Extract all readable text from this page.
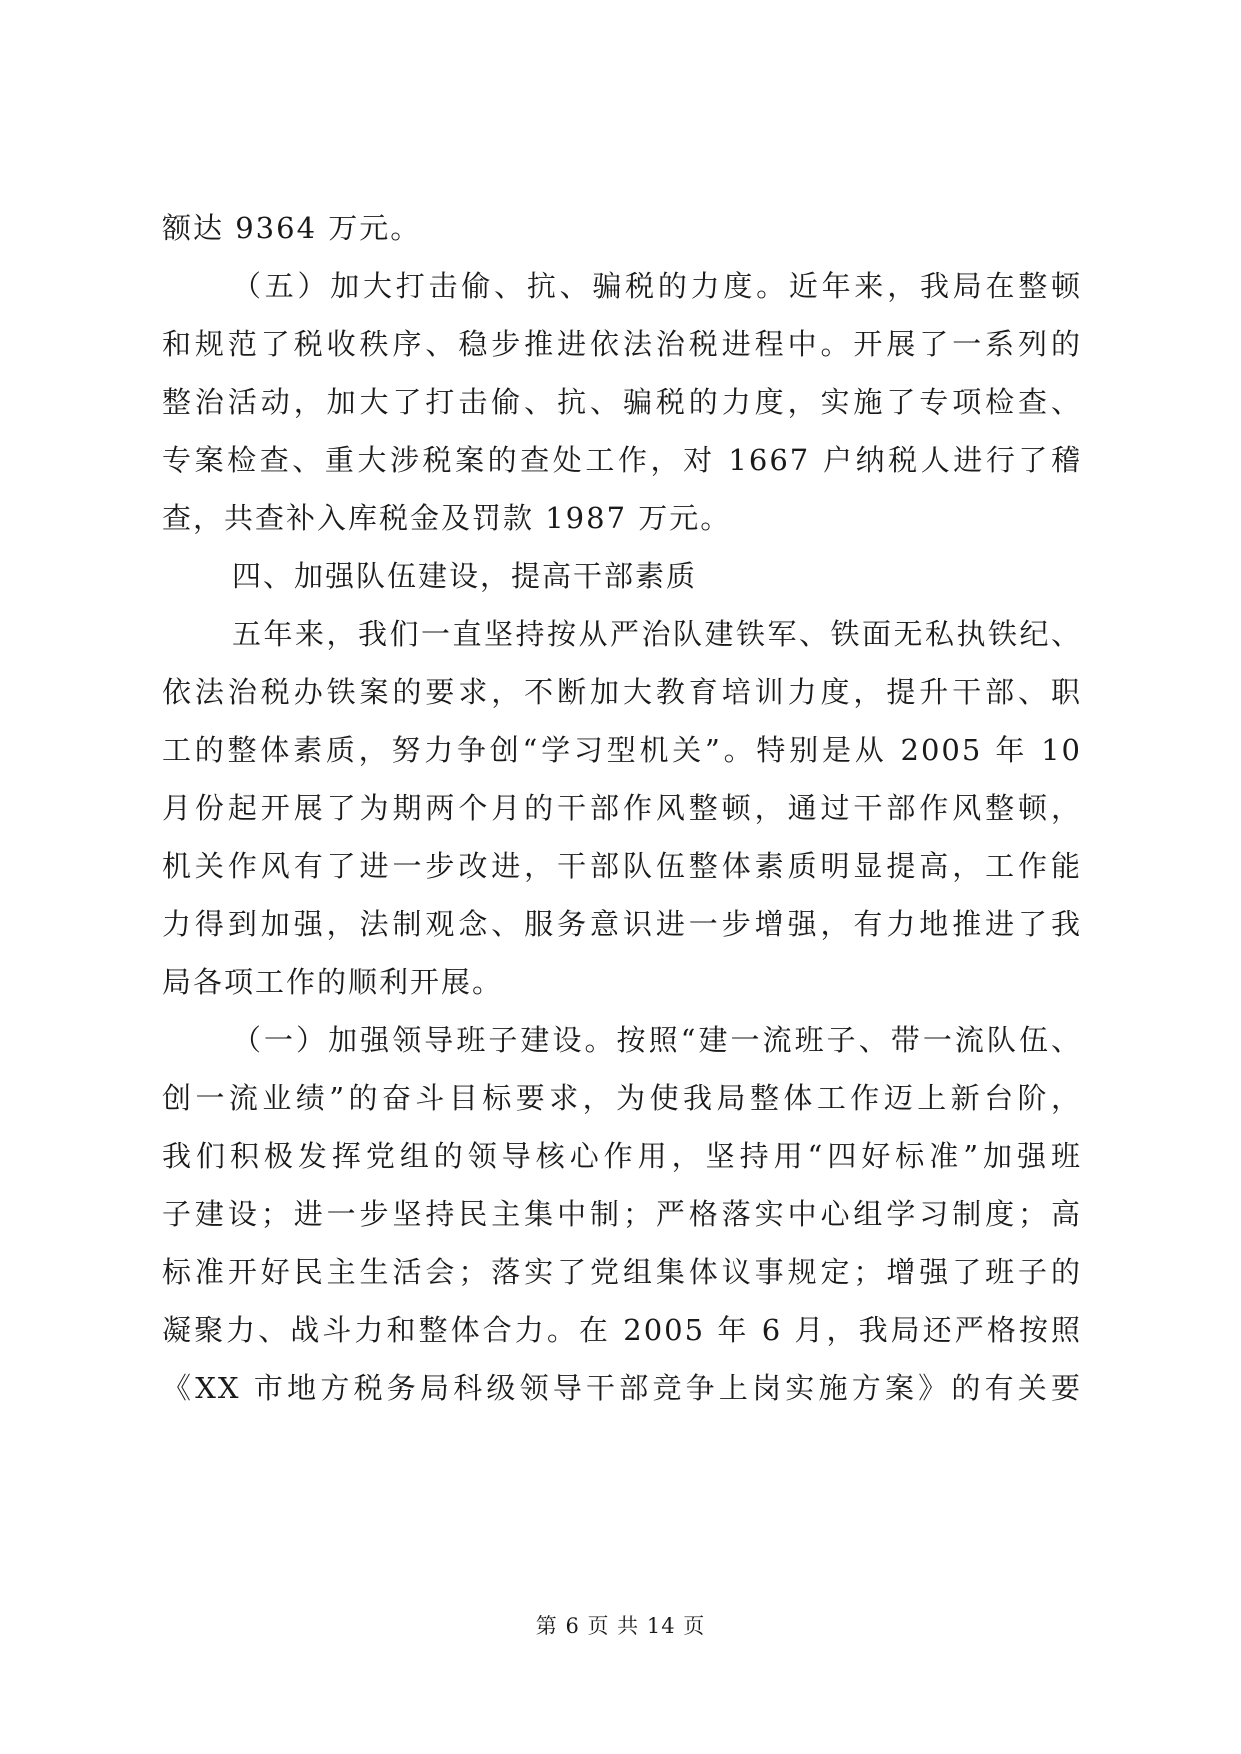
额达 9364 万元。
（五）加大打击偷、抗、骗税的力度。近年来，我局在整顿
和规范了税收秩序、稳步推进依法治税进程中。开展了一系列的
整治活动，加大了打击偷、抗、骗税的力度，实施了专项检查、
专案检查、重大涉税案的查处工作，对 1667 户纳税人进行了稽
查，共查补入库税金及罚款 1987 万元。
四、加强队伍建设，提高干部素质
五年来，我们一直坚持按从严治队建铁军、铁面无私执铁纪、
依法治税办铁案的要求，不断加大教育培训力度，提升干部、职
工的整体素质，努力争创“学习型机关”。特别是从 2005 年 10
月份起开展了为期两个月的干部作风整顿，通过干部作风整顿，
机关作风有了进一步改进，干部队伍整体素质明显提高，工作能
力得到加强，法制观念、服务意识进一步增强，有力地推进了我
局各项工作的顺利开展。
（一）加强领导班子建设。按照“建一流班子、带一流队伍、
创一流业绩”的奋斗目标要求，为使我局整体工作迈上新台阶，
我们积极发挥党组的领导核心作用，坚持用“四好标准”加强班
子建设；进一步坚持民主集中制；严格落实中心组学习制度；高
标准开好民主生活会；落实了党组集体议事规定；增强了班子的
凝聚力、战斗力和整体合力。在 2005 年 6 月，我局还严格按照
《XX 市地方税务局科级领导干部竞争上岗实施方案》的有关要
第 6 页 共 14 页
